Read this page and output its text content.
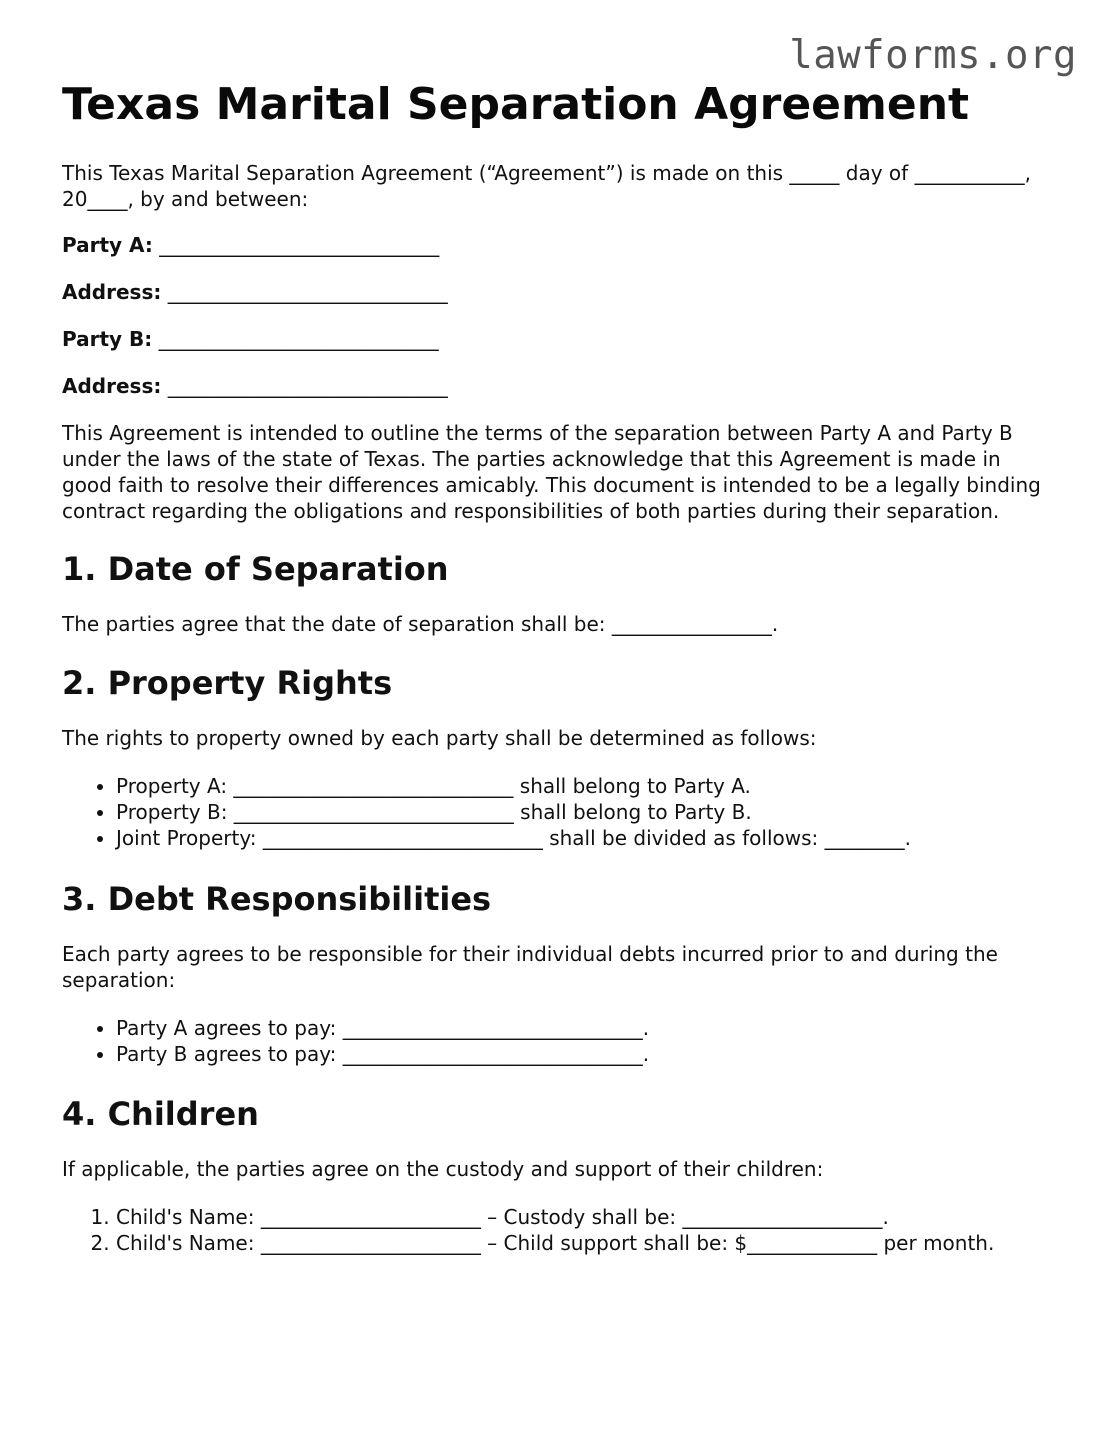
lawforms.org
Texas Marital Separation Agreement

This Texas Marital Separation Agreement (“Agreement”) is made on this _____ day of ___________, 20____, by and between:

Party A: ____________________________
Address: ____________________________
Party B: ____________________________
Address: ____________________________

This Agreement is intended to outline the terms of the separation between Party A and Party B under the laws of the state of Texas. The parties acknowledge that this Agreement is made in good faith to resolve their differences amicably. This document is intended to be a legally binding contract regarding the obligations and responsibilities of both parties during their separation.

1. Date of Separation

The parties agree that the date of separation shall be: ________________.

2. Property Rights

The rights to property owned by each party shall be determined as follows:

• Property A: ____________________________ shall belong to Party A.
• Property B: ____________________________ shall belong to Party B.
• Joint Property: ____________________________ shall be divided as follows: ________.
3. Debt Responsibilities

Each party agrees to be responsible for their individual debts incurred prior to and during the separation:

• Party A agrees to pay: ______________________________.
• Party B agrees to pay: ______________________________.
4. Children

If applicable, the parties agree on the custody and support of their children:

1. Child's Name: ______________________ – Custody shall be: ____________________.
2. Child's Name: ______________________ – Child support shall be: $_____________ per month.
